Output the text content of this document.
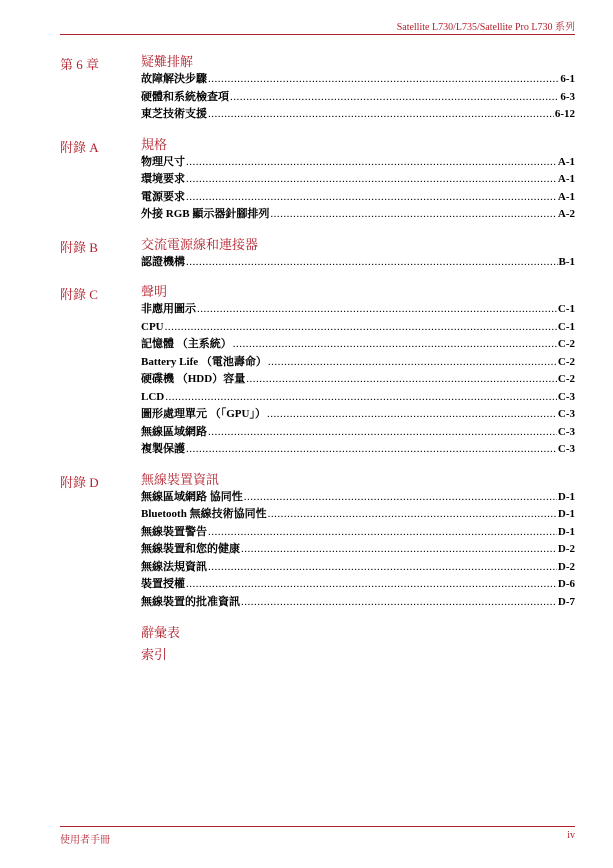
Satellite L730/L735/Satellite Pro L730 系列
第 6 章	疑難排解
故障解決步驟 .....	6-1
硬體和系統檢查項 .....	6-3
東芝技術支援 .....	6-12
附錄 A	規格
物理尺寸 .....	A-1
環境要求 .....	A-1
電源要求 .....	A-1
外接 RGB 顯示器針腳排列 .....	A-2
附錄 B	交流電源線和連接器
認證機構 .....	B-1
附錄 C	聲明
非應用圖示 .....	C-1
CPU .....	C-1
記憶體 （主系統） .....	C-2
Battery Life （電池壽命） .....	C-2
硬碟機 （HDD）容量 .....	C-2
LCD .....	C-3
圖形處理單元 （「GPU」） .....	C-3
無線區域網路 .....	C-3
複製保護 .....	C-3
附錄 D	無線裝置資訊
無線區域網路 協同性 .....	D-1
Bluetooth 無線技術協同性 .....	D-1
無線裝置警告 .....	D-1
無線裝置和您的健康 .....	D-2
無線法規資訊 .....	D-2
裝置授權 .....	D-6
無線裝置的批准資訊 .....	D-7
辭彙表
索引
使用者手冊	iv
